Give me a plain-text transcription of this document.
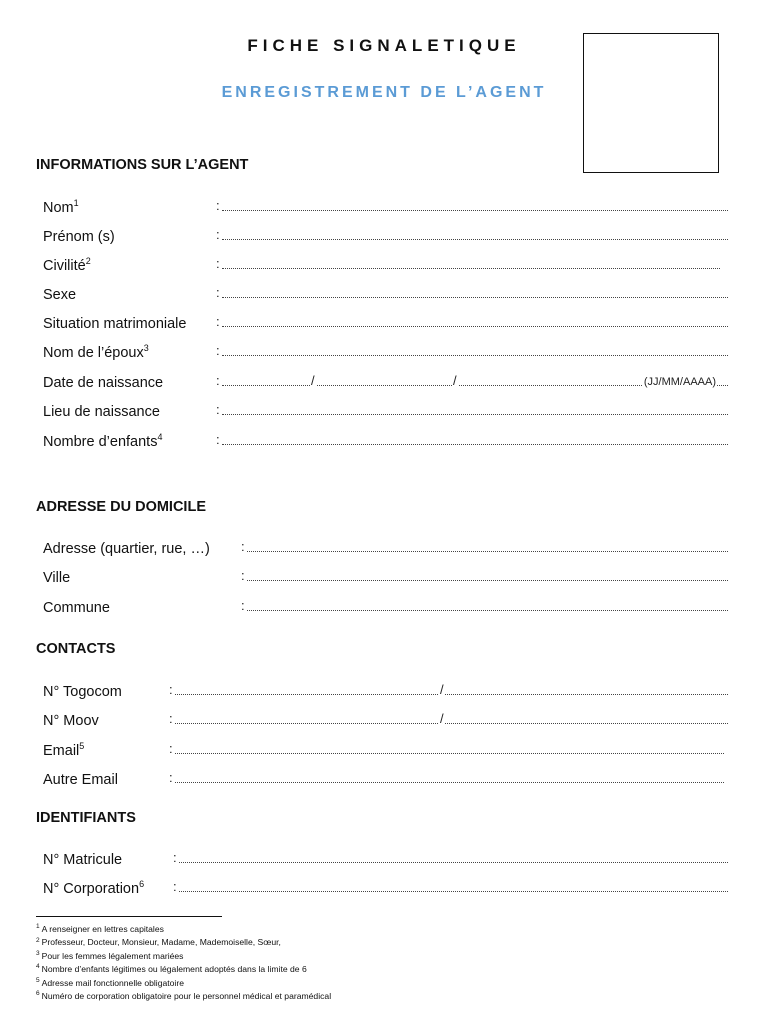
FICHE SIGNALETIQUE
ENREGISTREMENT DE L’AGENT
INFORMATIONS SUR L’AGENT
Nom$^1$	:
Prénom (s)	:
Civilité$^2$	:
Sexe	:
Situation matrimoniale :
Nom de l’époux$^3$	:
Date de naissance	:	/	/	(JJ/MM/AAAA)
Lieu de naissance	:
Nombre d’enfants$^4$	:
ADRESSE DU DOMICILE
Adresse (quartier, rue, …) :
Ville	:
Commune	:
CONTACTS
N° Togocom	:	/
N° Moov	:	/
Email$^5$	:
Autre Email	:
IDENTIFIANTS
N° Matricule	:
N° Corporation$^6$ :
$^1$ A renseigner en lettres capitales
$^2$ Professeur, Docteur, Monsieur, Madame, Mademoiselle, Sœur,
$^3$ Pour les femmes légalement mariées
$^4$ Nombre d’enfants légitimes ou légalement adoptés dans la limite de 6
$^5$ Adresse mail fonctionnelle obligatoire
$^6$ Numéro de corporation obligatoire pour le personnel médical et paramédical
